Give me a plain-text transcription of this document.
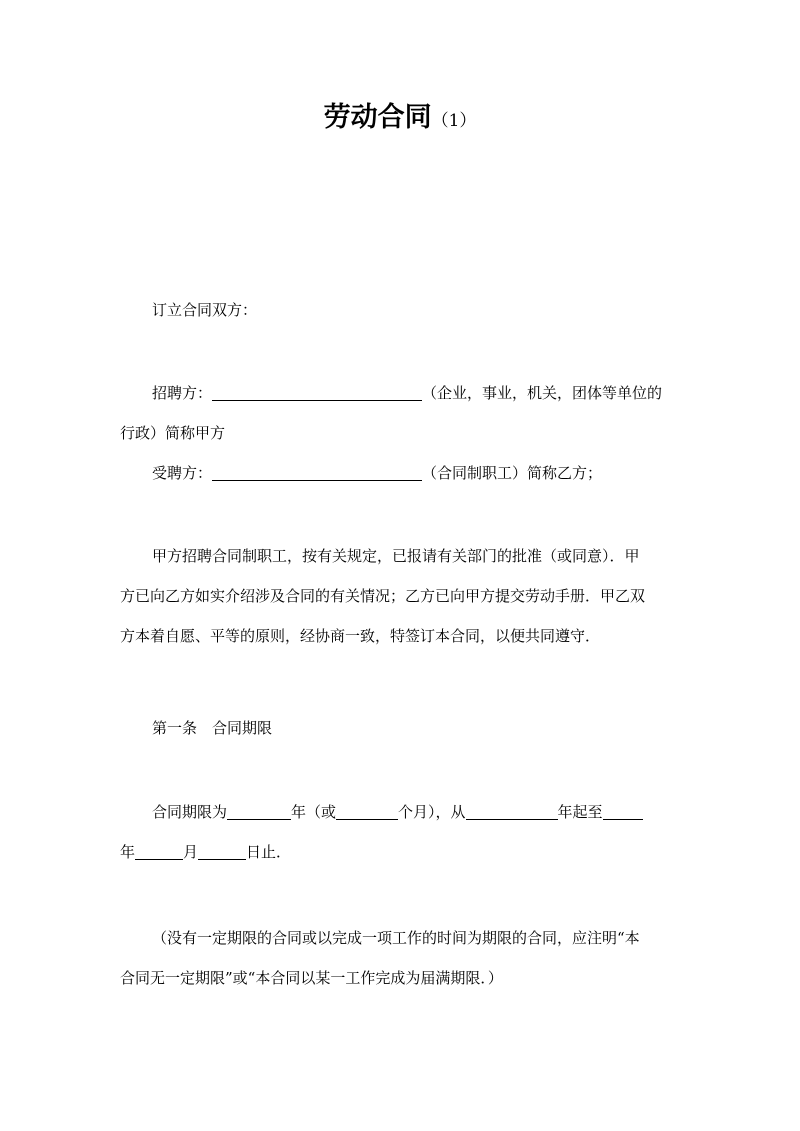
劳动合同（1）
订立合同双方：
招聘方：	（企业，事业，机关，团体等单位的
行政）简称甲方
受聘方：	（合同制职工）简称乙方；
甲方招聘合同制职工，按有关规定，已报请有关部门的批准（或同意）．甲
方已向乙方如实介绍涉及合同的有关情况；乙方已向甲方提交劳动手册．甲乙双
方本着自愿、平等的原则，经协商一致，特签订本合同，以便共同遵守．
第一条　合同期限
合同期限为	年（或	个月），从	年起至
年	月	日止．
（没有一定期限的合同或以完成一项工作的时间为期限的合同，应注明“本
合同无一定期限”或“本合同以某一工作完成为届满期限．）
